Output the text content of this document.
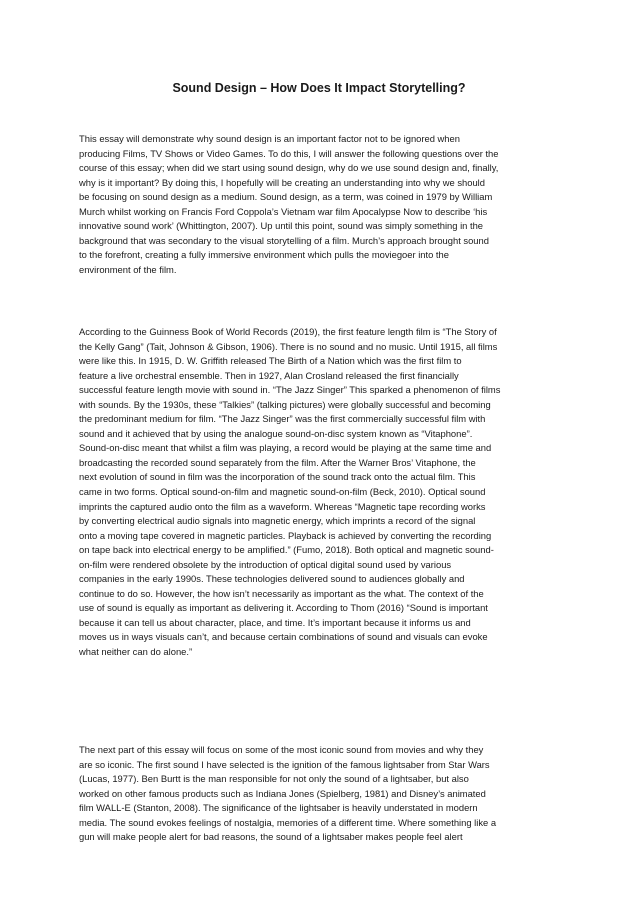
Sound Design – How Does It Impact Storytelling?
This essay will demonstrate why sound design is an important factor not to be ignored when
producing Films, TV Shows or Video Games. To do this, I will answer the following questions over the
course of this essay; when did we start using sound design, why do we use sound design and, finally,
why is it important? By doing this, I hopefully will be creating an understanding into why we should
be focusing on sound design as a medium. Sound design, as a term, was coined in 1979 by William
Murch whilst working on Francis Ford Coppola’s Vietnam war film Apocalypse Now to describe ‘his
innovative sound work’ (Whittington, 2007). Up until this point, sound was simply something in the
background that was secondary to the visual storytelling of a film. Murch’s approach brought sound
to the forefront, creating a fully immersive environment which pulls the moviegoer into the
environment of the film.
According to the Guinness Book of World Records (2019), the first feature length film is “The Story of
the Kelly Gang” (Tait, Johnson & Gibson, 1906). There is no sound and no music. Until 1915, all films
were like this. In 1915, D. W. Griffith released The Birth of a Nation which was the first film to
feature a live orchestral ensemble. Then in 1927, Alan Crosland released the first financially
successful feature length movie with sound in. “The Jazz Singer” This sparked a phenomenon of films
with sounds. By the 1930s, these “Talkies” (talking pictures) were globally successful and becoming
the predominant medium for film. “The Jazz Singer” was the first commercially successful film with
sound and it achieved that by using the analogue sound-on-disc system known as “Vitaphone”.
Sound-on-disc meant that whilst a film was playing, a record would be playing at the same time and
broadcasting the recorded sound separately from the film. After the Warner Bros’ Vitaphone, the
next evolution of sound in film was the incorporation of the sound track onto the actual film. This
came in two forms. Optical sound-on-film and magnetic sound-on-film (Beck, 2010). Optical sound
imprints the captured audio onto the film as a waveform. Whereas “Magnetic tape recording works
by converting electrical audio signals into magnetic energy, which imprints a record of the signal
onto a moving tape covered in magnetic particles. Playback is achieved by converting the recording
on tape back into electrical energy to be amplified.” (Fumo, 2018). Both optical and magnetic sound-
on-film were rendered obsolete by the introduction of optical digital sound used by various
companies in the early 1990s. These technologies delivered sound to audiences globally and
continue to do so. However, the how isn’t necessarily as important as the what. The context of the
use of sound is equally as important as delivering it. According to Thom (2016) “Sound is important
because it can tell us about character, place, and time. It’s important because it informs us and
moves us in ways visuals can’t, and because certain combinations of sound and visuals can evoke
what neither can do alone.”
The next part of this essay will focus on some of the most iconic sound from movies and why they
are so iconic. The first sound I have selected is the ignition of the famous lightsaber from Star Wars
(Lucas, 1977). Ben Burtt is the man responsible for not only the sound of a lightsaber, but also
worked on other famous products such as Indiana Jones (Spielberg, 1981) and Disney’s animated
film WALL-E (Stanton, 2008). The significance of the lightsaber is heavily understated in modern
media. The sound evokes feelings of nostalgia, memories of a different time. Where something like a
gun will make people alert for bad reasons, the sound of a lightsaber makes people feel alert
